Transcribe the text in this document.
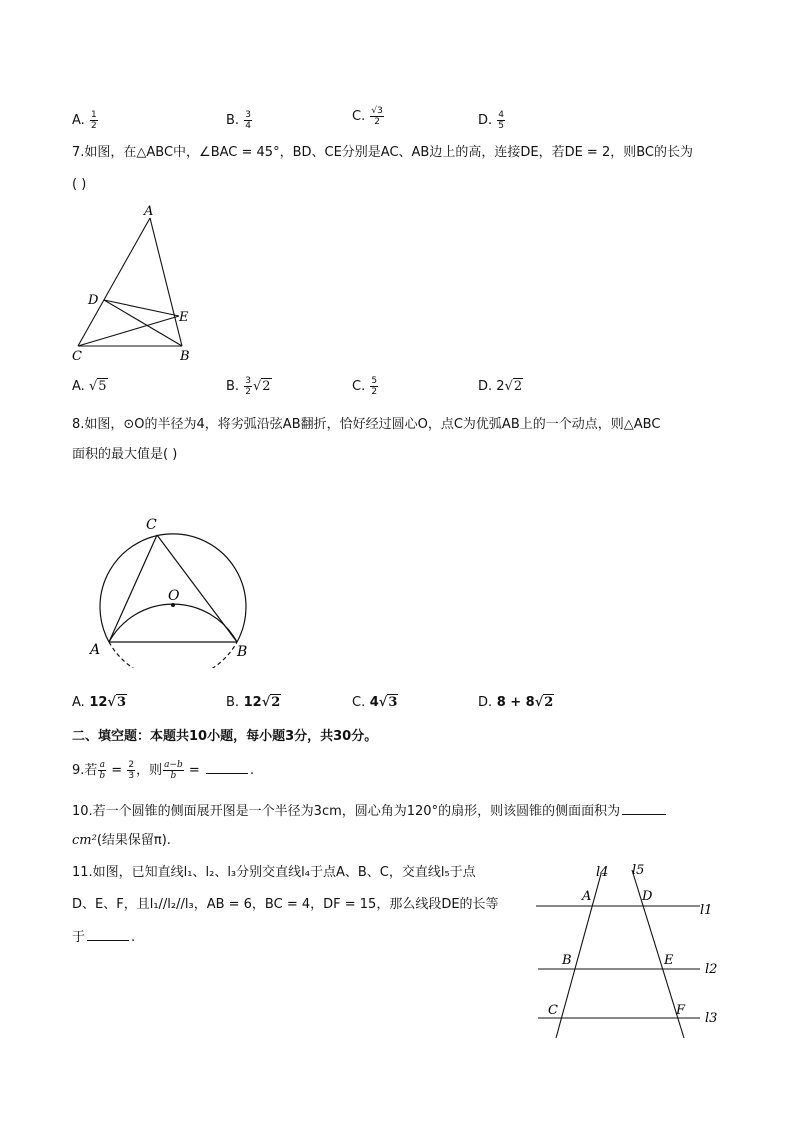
A. $\frac{1}{2}$	B. $\frac{3}{4}$	C. $\frac{√3}{2}$	D. $\frac{4}{5}$
7.如图，在△ABC中，∠BAC = 45°，BD、CE分别是AC、AB边上的高，连接DE，若DE = 2，则BC的长为
( )
A
D
E
C	B
A. √5	B. $\frac{3}{2} √2$	C. $\frac{5}{2}$	D. 2√2
8.如图，⊙O的半径为4，将劣弧沿弦AB翻折，恰好经过圆心O，点C为优弧AB上的一个动点，则△ABC
面积的最大值是( )
O
C
A	B
A. 12√3	B. 12√2	C. 4√3	D. 8 + 8√2
二、填空题：本题共10小题，每小题3分，共30分。
9.若 $\frac{a}{b} = \frac{2}{3}$ ，则 $\frac{a-b}{b}$ =	.
10.若一个圆锥的侧面展开图是一个半径为3cm，圆心角为120°的扇形，则该圆锥的侧面面积为
cm²(结果保留π).
11.如图，已知直线l₁、l₂、l₃分别交直线l₄于点A、B、C，交直线l₅于点
D、E、F，且l₁//l₂//l₃，AB = 6，BC = 4，DF = 15，那么线段DE的长等
于	.
l4 l5
l1
l2
l3
A	D
B	E
C	F
